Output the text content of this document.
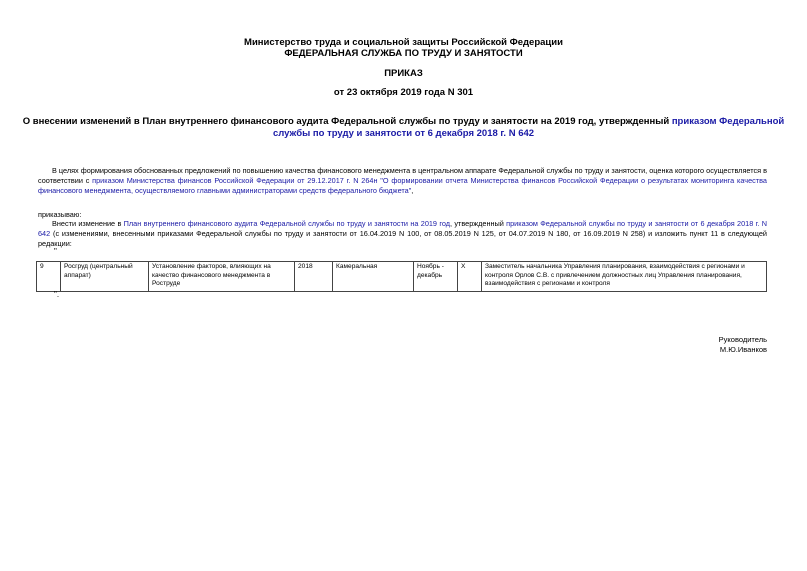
Министерство труда и социальной защиты Российской Федерации
ФЕДЕРАЛЬНАЯ СЛУЖБА ПО ТРУДУ И ЗАНЯТОСТИ
ПРИКАЗ
от 23 октября 2019 года N 301
О внесении изменений в План внутреннего финансового аудита Федеральной службы по труду и занятости на 2019 год, утвержденный приказом Федеральной
службы по труду и занятости от 6 декабря 2018 г. N 642
В целях формирования обоснованных предложений по повышению качества финансового менеджмента в центральном аппарате Федеральной службы по труду и занятости, оценка которого осуществляется в соответствии с приказом Министерства финансов Российской Федерации от 29.12.2017 г. N 264н "О формировании отчета Министерства финансов Российской Федерации о результатах мониторинга качества финансового менеджмента, осуществляемого главными администраторами средств федерального бюджета",
приказываю:
Внести изменение в План внутреннего финансового аудита Федеральной службы по труду и занятости на 2019 год, утвержденный приказом Федеральной службы по труду и занятости от 6 декабря 2018 г. N 642 (с изменениями, внесенными приказами Федеральной службы по труду и занятости от 16.04.2019 N 100, от 08.05.2019 N 125, от 04.07.2019 N 180, от 16.09.2019 N 258) и изложить пункт 11 в следующей редакции:
"
9	Росгруд (центральный аппарат)	Установление факторов, влияющих на качество финансового менеджмента в Роструде	2018	Камеральная	Ноябрь - декабрь	X	Заместитель начальника Управления планирования, взаимодействия с регионами и контроля Орлов С.В. с привлечением должностных лиц Управления планирования, взаимодействия с регионами и контроля
".
Руководитель
М.Ю.Иванков
